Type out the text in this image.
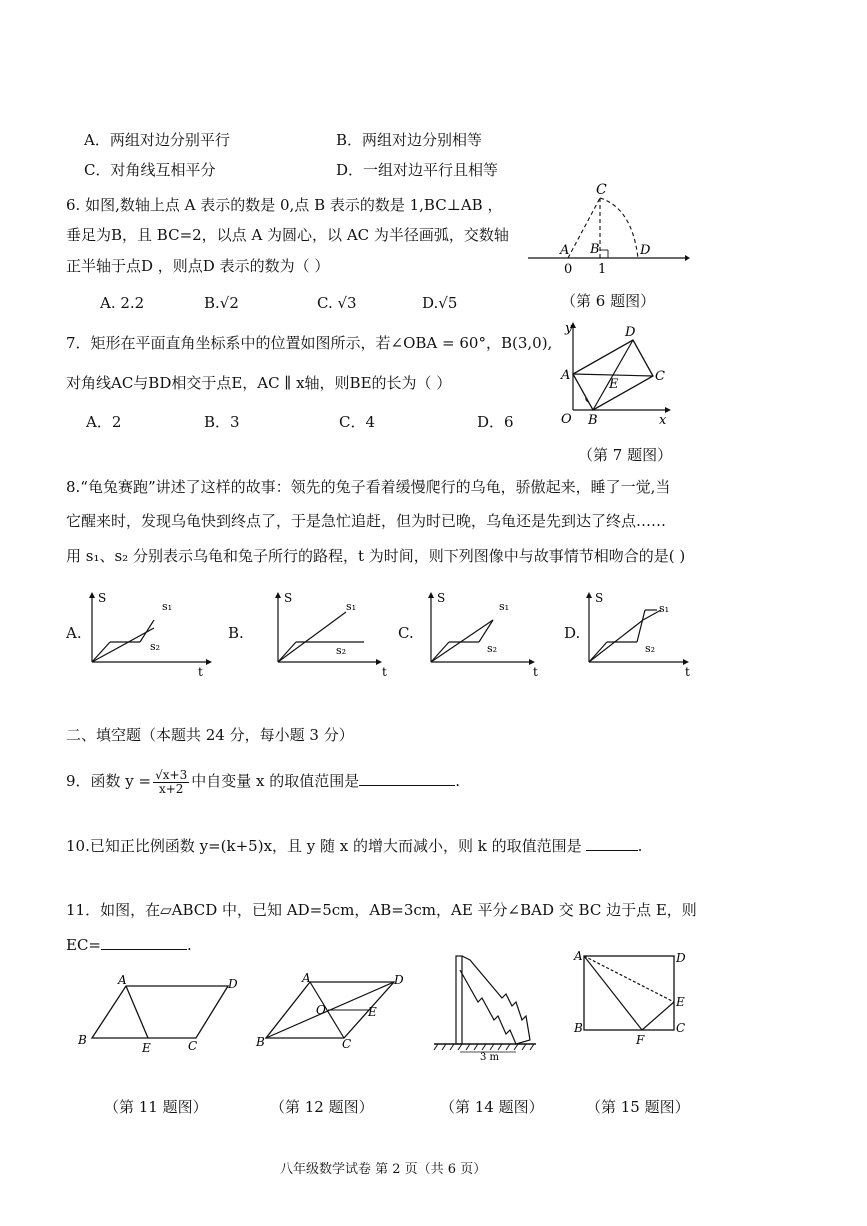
A．两组对边分别平行	B．两组对边分别相等
C．对角线互相平分	D．一组对边平行且相等
6. 如图,数轴上点 A 表示的数是 0,点 B 表示的数是 1,BC⊥AB ，
垂足为B，且 BC=2，以点 A 为圆心，以 AC 为半径画弧，交数轴
正半轴于点D ，则点D 表示的数为（ ）
A. 2.2	B.√2	C. √3	D.√5
C
A B	D
0 1
（第 6 题图）
7．矩形在平面直角坐标系中的位置如图所示，若∠OBA = 60°，B(3,0),
对角线AC与BD相交于点E，AC ∥ x轴，则BE的长为（ ）
A．2	B．3	C．4	D．6
y
x
O
A
B
C
D
E
（第 7 题图）
8.“龟兔赛跑”讲述了这样的故事：领先的兔子看着缓慢爬行的乌龟，骄傲起来，睡了一觉,当
它醒来时，发现乌龟快到终点了，于是急忙追赶，但为时已晚，乌龟还是先到达了终点……
用 s₁、s₂ 分别表示乌龟和兔子所行的路程，t 为时间，则下列图像中与故事情节相吻合的是( )
A.
S
s₁
s₂
t
B.
S
s₁
s₂
t
C.
S
s₁
s₂
t
D.
S
s₁
s₂
t
二、填空题（本题共 24 分，每小题 3 分）
9．函数 $y = \frac{√x+3}{x+2}$ 中自变量 x 的取值范围是	.
10.已知正比例函数 y=(k+5)x，且 y 随 x 的增大而减小，则 k 的取值范围是	.
11．如图，在▱ABCD 中，已知 AD=5cm，AB=3cm，AE 平分∠BAD 交 BC 边于点 E，则
EC=	.
A	D
B
E	C
A	D
B	C
O	E
3 m
A	D
E
C
B
F
（第 11 题图）	（第 12 题图）	（第 14 题图）	（第 15 题图）
八年级数学试卷 第 2 页（共 6 页）
